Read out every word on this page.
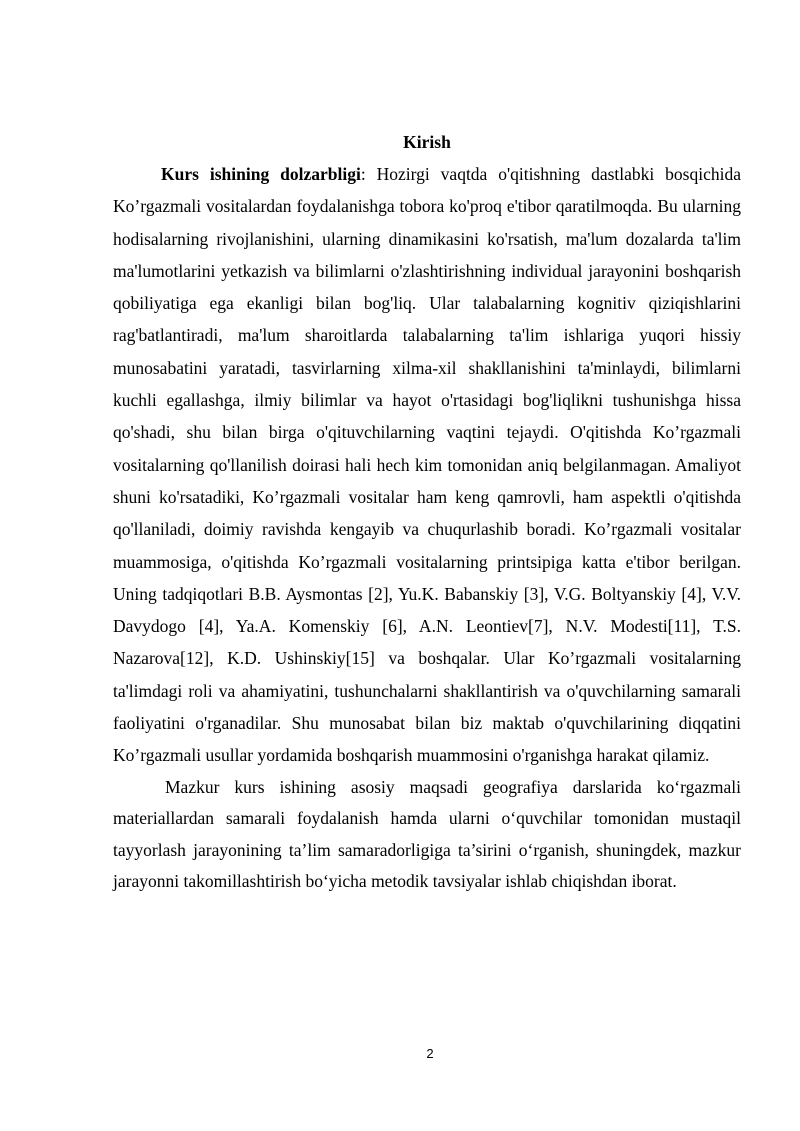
Kirish

Kurs ishining dolzarbligi: Hozirgi vaqtda o'qitishning dastlabki bosqichida Ko’rgazmali vositalardan foydalanishga tobora ko'proq e'tibor qaratilmoqda. Bu ularning hodisalarning rivojlanishini, ularning dinamikasini ko'rsatish, ma'lum dozalarda ta'lim ma'lumotlarini yetkazish va bilimlarni o'zlashtirishning individual jarayonini boshqarish qobiliyatiga ega ekanligi bilan bog'liq. Ular talabalarning kognitiv qiziqishlarini rag'batlantiradi, ma'lum sharoitlarda talabalarning ta'lim ishlariga yuqori hissiy munosabatini yaratadi, tasvirlarning xilma-xil shakllanishini ta'minlaydi, bilimlarni kuchli egallashga, ilmiy bilimlar va hayot o'rtasidagi bog'liqlikni tushunishga hissa qo'shadi, shu bilan birga o'qituvchilarning vaqtini tejaydi. O'qitishda Ko’rgazmali vositalarning qo'llanilish doirasi hali hech kim tomonidan aniq belgilanmagan. Amaliyot shuni ko'rsatadiki, Ko’rgazmali vositalar ham keng qamrovli, ham aspektli o'qitishda qo'llaniladi, doimiy ravishda kengayib va chuqurlashib boradi. Ko’rgazmali vositalar muammosiga, o'qitishda Ko’rgazmali vositalarning printsipiga katta e'tibor berilgan. Uning tadqiqotlari B.B. Aysmontas [2], Yu.K. Babanskiy [3], V.G. Boltyanskiy [4], V.V. Davydogo [4], Ya.A. Komenskiy [6], A.N. Leontiev[7], N.V. Modesti[11], T.S. Nazarova[12], K.D. Ushinskiy[15] va boshqalar. Ular Ko’rgazmali vositalarning ta'limdagi roli va ahamiyatini, tushunchalarni shakllantirish va o'quvchilarning samarali faoliyatini o'rganadilar. Shu munosabat bilan biz maktab o'quvchilarining diqqatini Ko’rgazmali usullar yordamida boshqarish muammosini o'rganishga harakat qilamiz.

Mazkur kurs ishining asosiy maqsadi geografiya darslarida ko‘rgazmali materiallardan samarali foydalanish hamda ularni o‘quvchilar tomonidan mustaqil tayyorlash jarayonining ta’lim samaradorligiga ta’sirini o‘rganish, shuningdek, mazkur jarayonni takomillashtirish bo‘yicha metodik tavsiyalar ishlab chiqishdan iborat.

2
